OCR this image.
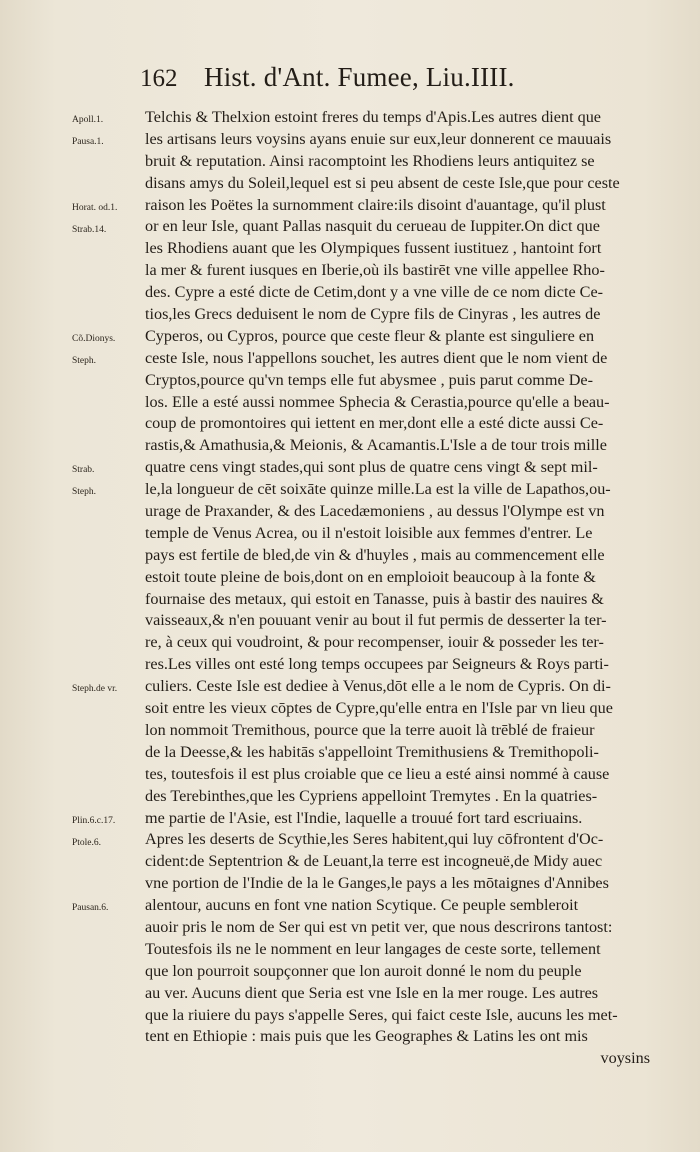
162 Hist. d'Ant. Fumee, Liu.IIII.
Apoll.1.
Pausa.1.
Horat. od.1.
Strab.14.
Cõ.Dionys.
Steph.
Strab.
Steph.
Steph.de vr.
Plin.6.c.17.
Ptole.6.
Pausan.6.
Telchis & Thelxion estoint freres du temps d'Apis.Les autres dient que
les artisans leurs voysins ayans enuie sur eux,leur donnerent ce mauuais
bruit & reputation. Ainsi racomptoint les Rhodiens leurs antiquitez se
disans amys du Soleil,lequel est si peu absent de ceste Isle,que pour ceste
raison les Poëtes la surnomment claire:ils disoint d'auantage, qu'il plust
or en leur Isle, quant Pallas nasquit du cerueau de Iuppiter.On dict que
les Rhodiens auant que les Olympiques fussent iustituez , hantoint fort
la mer & furent iusques en Iberie,où ils bastirēt vne ville appellee Rho-
des. Cypre a esté dicte de Cetim,dont y a vne ville de ce nom dicte Ce-
tios,les Grecs deduisent le nom de Cypre fils de Cinyras , les autres de
Cyperos, ou Cypros, pource que ceste fleur & plante est singuliere en
ceste Isle, nous l'appellons souchet, les autres dient que le nom vient de
Cryptos,pource qu'vn temps elle fut abysmee , puis parut comme De-
los. Elle a esté aussi nommee Sphecia & Cerastia,pource qu'elle a beau-
coup de promontoires qui iettent en mer,dont elle a esté dicte aussi Ce-
rastis,& Amathusia,& Meionis, & Acamantis.L'Isle a de tour trois mille
quatre cens vingt stades,qui sont plus de quatre cens vingt & sept mil-
le,la longueur de cēt soixāte quinze mille.La est la ville de Lapathos,ou-
urage de Praxander, & des Lacedæmoniens , au dessus l'Olympe est vn
temple de Venus Acrea, ou il n'estoit loisible aux femmes d'entrer. Le
pays est fertile de bled,de vin & d'huyles , mais au commencement elle
estoit toute pleine de bois,dont on en emploioit beaucoup à la fonte &
fournaise des metaux, qui estoit en Tanasse, puis à bastir des nauires &
vaisseaux,& n'en pouuant venir au bout il fut permis de desserter la ter-
re, à ceux qui voudroint, & pour recompenser, iouir & posseder les ter-
res.Les villes ont esté long temps occupees par Seigneurs & Roys parti-
culiers. Ceste Isle est dediee à Venus,dōt elle a le nom de Cypris. On di-
soit entre les vieux cōptes de Cypre,qu'elle entra en l'Isle par vn lieu que
lon nommoit Tremithous, pource que la terre auoit là trēblé de fraieur
de la Deesse,& les habitās s'appelloint Tremithusiens & Tremithopoli-
tes, toutesfois il est plus croiable que ce lieu a esté ainsi nommé à cause
des Terebinthes,que les Cypriens appelloint Tremytes . En la quatries-
me partie de l'Asie, est l'Indie, laquelle a trouué fort tard escriuains.
Apres les deserts de Scythie,les Seres habitent,qui luy cōfrontent d'Oc-
cident:de Septentrion & de Leuant,la terre est incogneuë,de Midy auec
vne portion de l'Indie de la le Ganges,le pays a les mōtaignes d'Annibes
alentour, aucuns en font vne nation Scytique. Ce peuple sembleroit
auoir pris le nom de Ser qui est vn petit ver, que nous descrirons tantost:
Toutesfois ils ne le nomment en leur langages de ceste sorte, tellement
que lon pourroit soupçonner que lon auroit donné le nom du peuple
au ver. Aucuns dient que Seria est vne Isle en la mer rouge. Les autres
que la riuiere du pays s'appelle Seres, qui faict ceste Isle, aucuns les met-
tent en Ethiopie : mais puis que les Geographes & Latins les ont mis
voysins
